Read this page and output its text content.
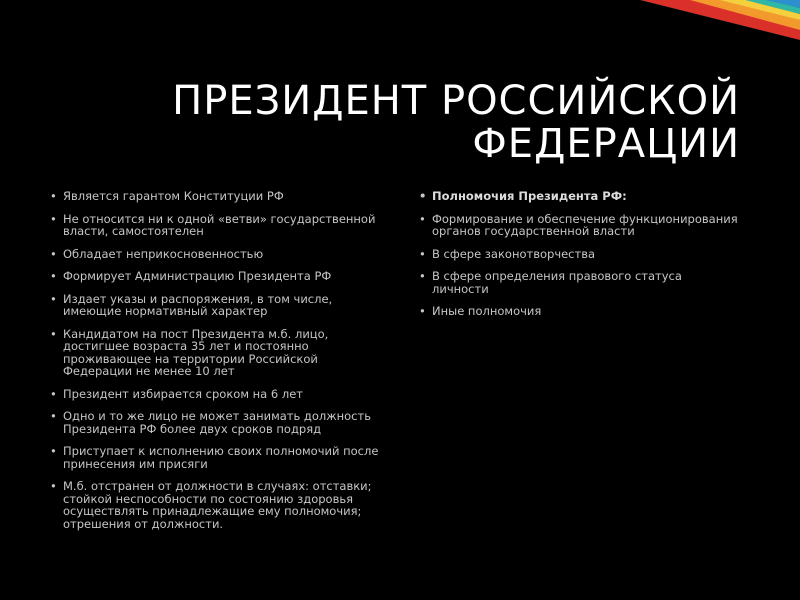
ПРЕЗИДЕНТ РОССИЙСКОЙ
ФЕДЕРАЦИИ
• Является гарантом Конституции РФ
• Не относится ни к одной «ветви» государственной власти, самостоятелен
• Обладает неприкосновенностью
• Формирует Администрацию Президента РФ
• Издает указы и распоряжения, в том числе, имеющие нормативный характер
• Кандидатом на пост Президента м.б. лицо, достигшее возраста 35 лет и постоянно проживающее на территории Российской Федерации не менее 10 лет
• Президент избирается сроком на 6 лет
• Одно и то же лицо не может занимать должность Президента РФ более двух сроков подряд
• Приступает к исполнению своих полномочий после принесения им присяги
• М.б. отстранен от должности в случаях: отставки; стойкой неспособности по состоянию здоровья осуществлять принадлежащие ему полномочия; отрешения от должности.
• Полномочия Президента РФ:
• Формирование и обеспечение функционирования органов государственной власти
• В сфере законотворчества
• В сфере определения правового статуса личности
• Иные полномочия
